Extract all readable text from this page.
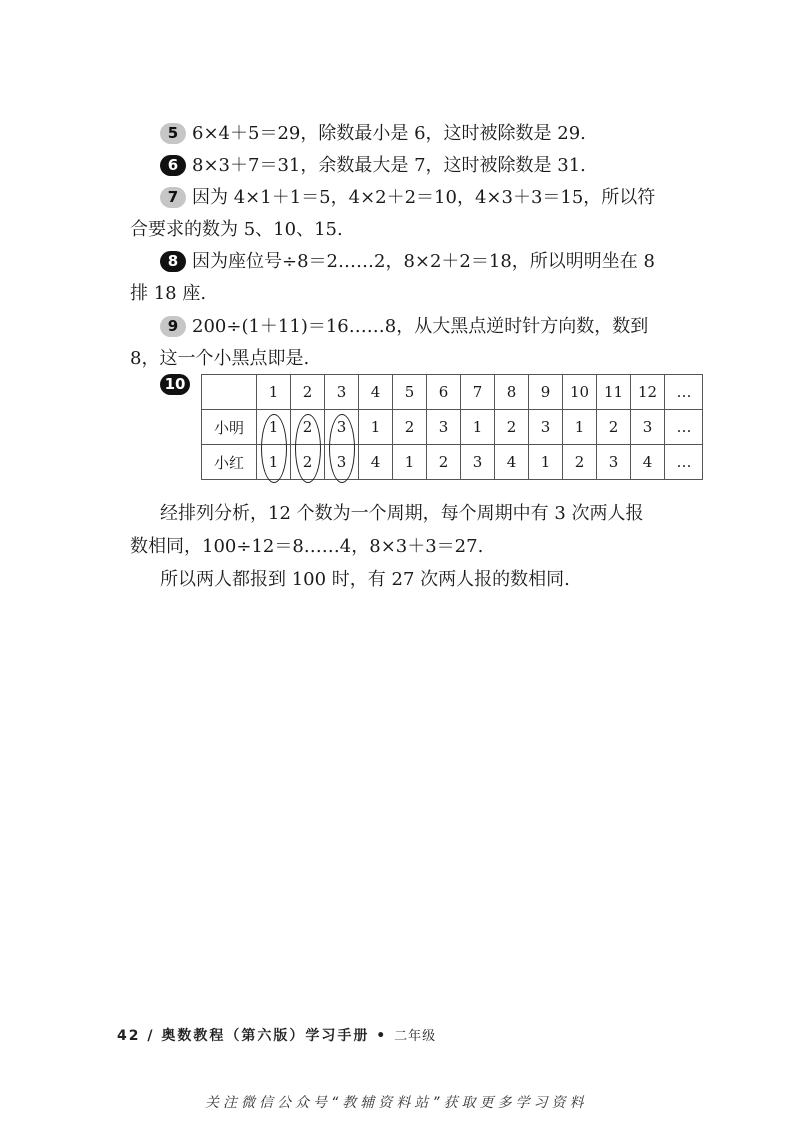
5 6×4＋5＝29，除数最小是 6，这时被除数是 29.
6 8×3＋7＝31，余数最大是 7，这时被除数是 31.
7 因为 4×1＋1＝5，4×2＋2＝10，4×3＋3＝15，所以符
合要求的数为 5、10、15.
8 因为座位号÷8＝2……2，8×2＋2＝18，所以明明坐在 8
排 18 座.
9 200÷(1＋11)＝16……8，从大黑点逆时针方向数，数到
8，这一个小黑点即是.
10
		1	2	3	4	5	6	7	8	9	10	11	12	…
小明	1	2	3	1	2	3	1	2	3	1	2	3	…
小红	1	2	3	4	1	2	3	4	1	2	3	4	…
经排列分析，12 个数为一个周期，每个周期中有 3 次两人报
数相同，100÷12＝8……4，8×3＋3＝27.
所以两人都报到 100 时，有 27 次两人报的数相同.
42 / 奥数教程（第六版）学习手册 • 二年级
关注微信公众号“教辅资料站”获取更多学习资料
